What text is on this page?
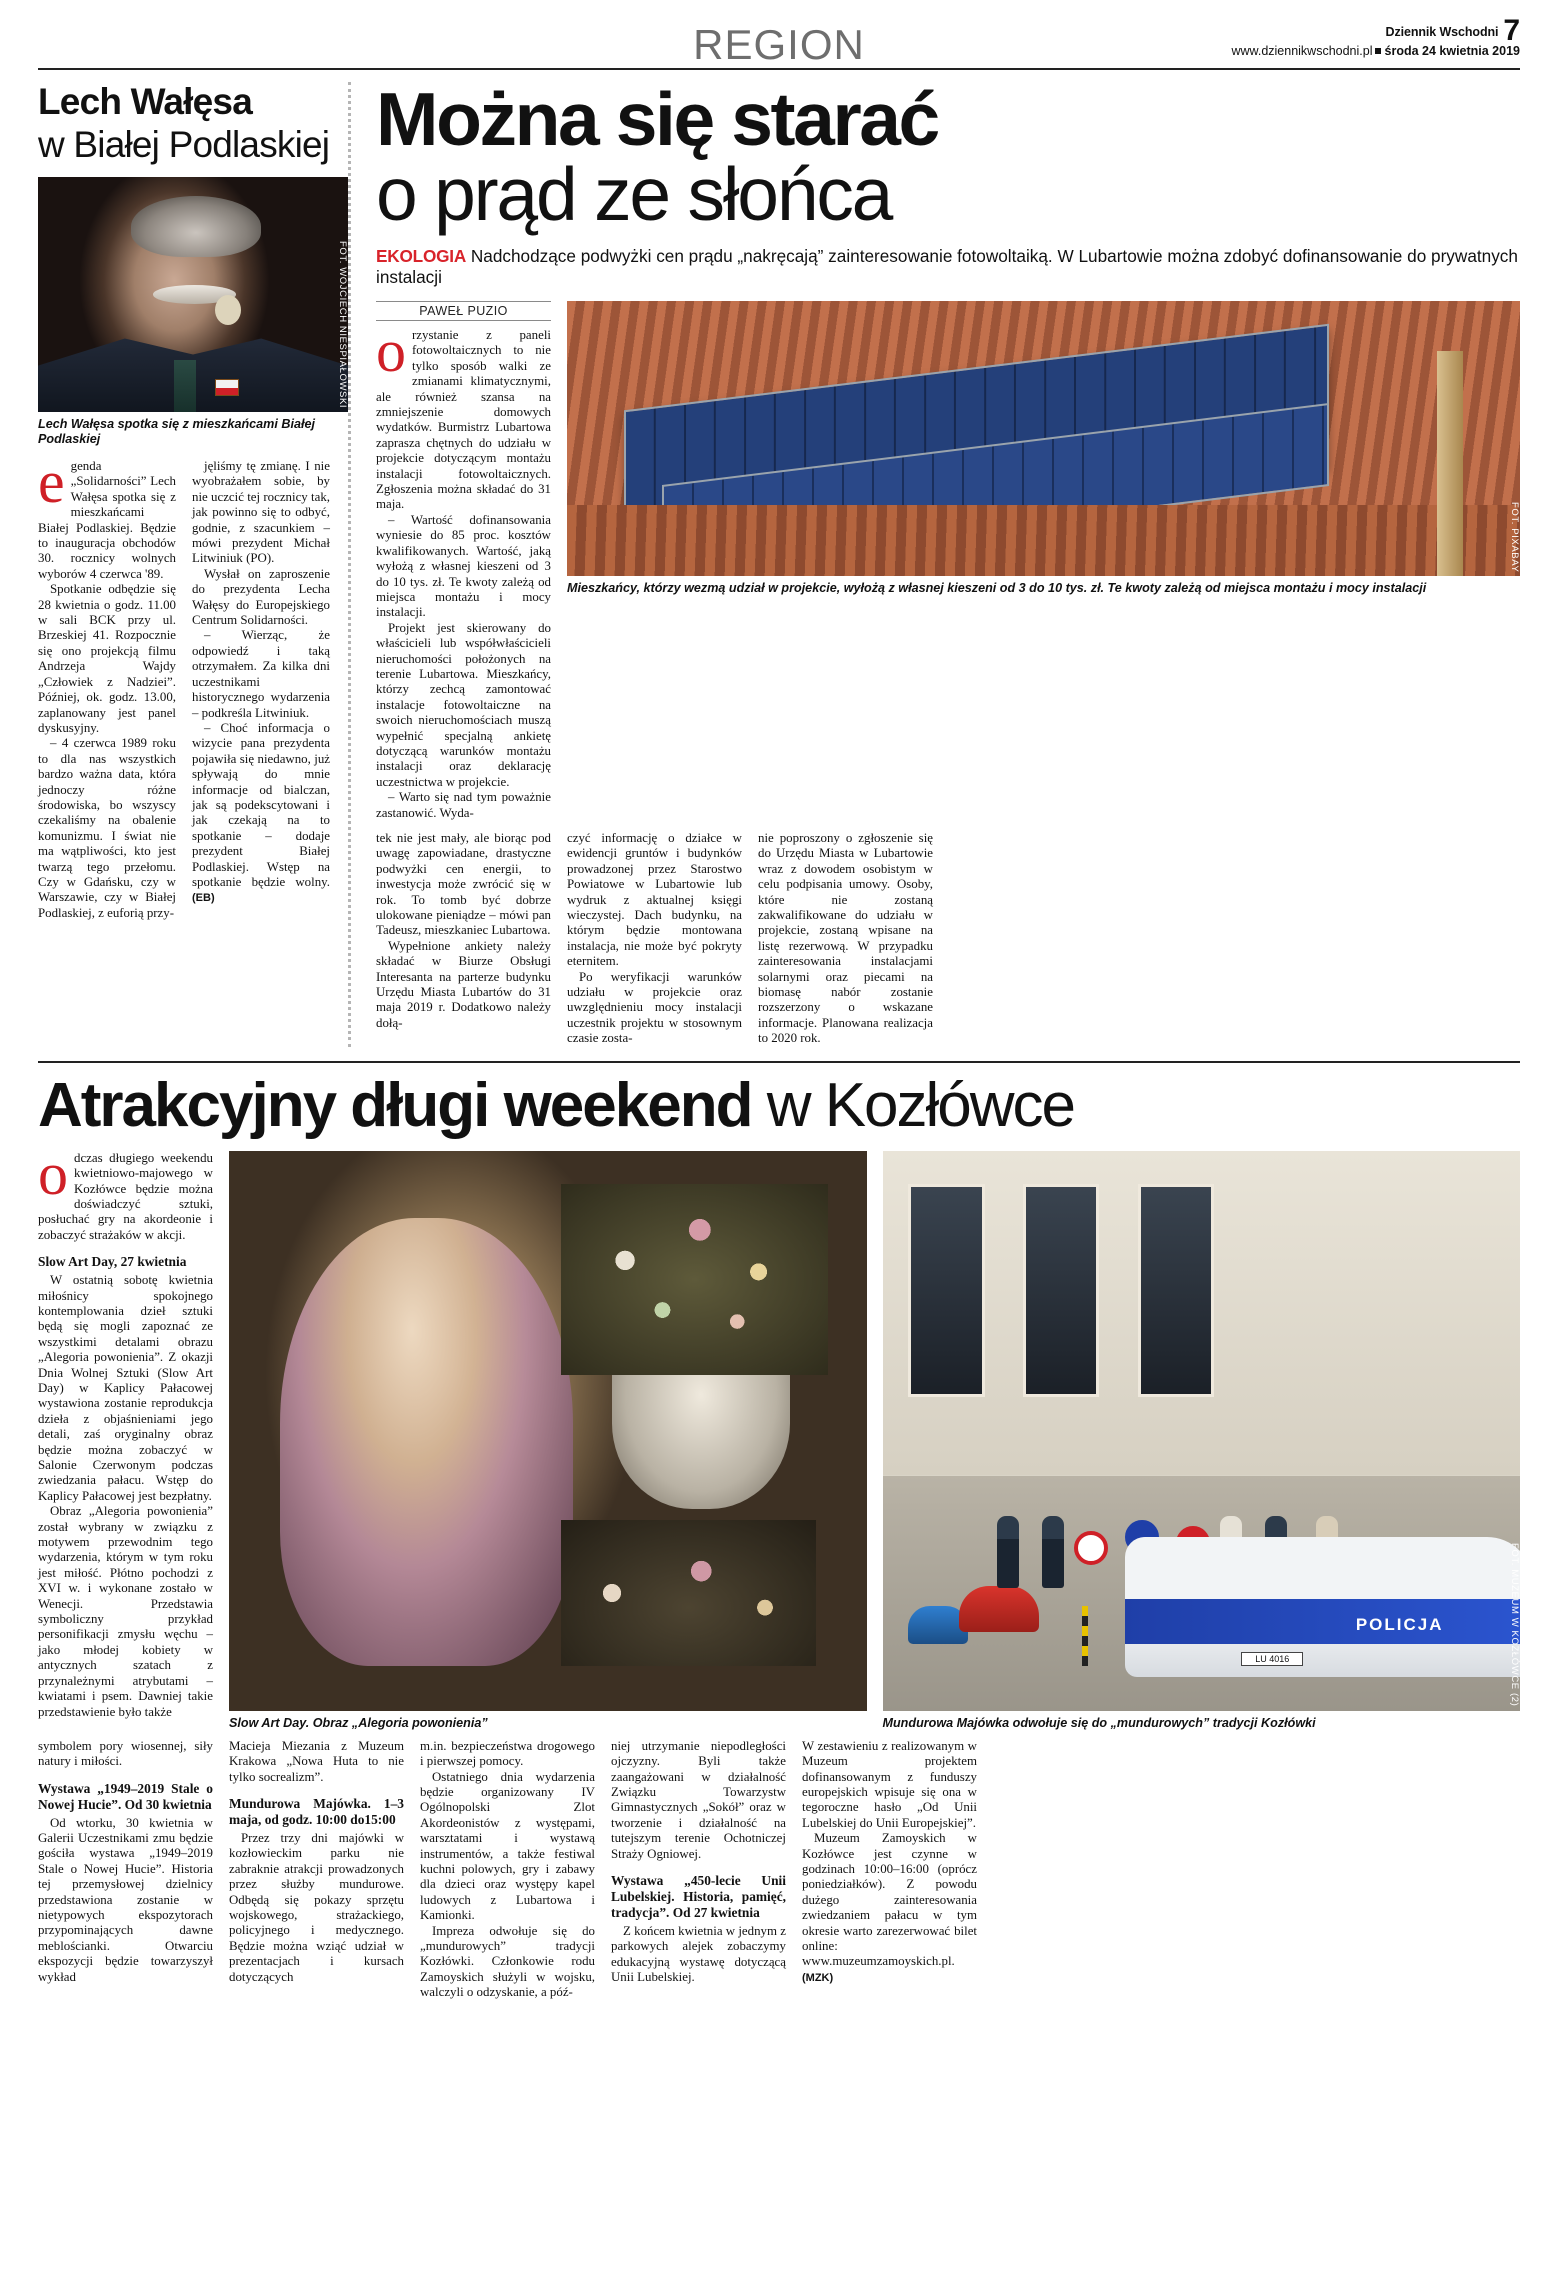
REGION	Dziennik Wschodni 7
www.dziennikwschodni.pl środa 24 kwietnia 2019
Lech Wałęsa
w Białej Podlaskiej
FOT. WOJCIECH NIESPIAŁOWSKI
Lech Wałęsa spotka się z mieszkańcami Białej Podlaskiej

egenda „Solidarności” Lech Wałęsa spotka się z mieszkańcami Białej Podlaskiej. Będzie to inauguracja obchodów 30. rocznicy wolnych wyborów 4 czerwca '89.

Spotkanie odbędzie się 28 kwietnia o godz. 11.00 w sali BCK przy ul. Brzeskiej 41. Rozpocznie się ono projekcją filmu Andrzeja Wajdy „Człowiek z Nadziei”. Później, ok. godz. 13.00, zaplanowany jest panel dyskusyjny.

– 4 czerwca 1989 roku to dla nas wszystkich bardzo ważna data, która jednoczy różne środowiska, bo wszyscy czekaliśmy na obalenie komunizmu. I świat nie ma wątpliwości, kto jest twarzą tego przełomu. Czy w Gdańsku, czy w Warszawie, czy w Białej Podlaskiej, z euforią przy-

jęliśmy tę zmianę. I nie wyobrażałem sobie, by nie uczcić tej rocznicy tak, jak powinno się to odbyć, godnie, z szacunkiem – mówi prezydent Michał Litwiniuk (PO).

Wysłał on zaproszenie do prezydenta Lecha Wałęsy do Europejskiego Centrum Solidarności.

– Wierząc, że odpowiedź i taką otrzymałem. Za kilka dni uczestnikami historycznego wydarzenia – podkreśla Litwiniuk.

– Choć informacja o wizycie pana prezydenta pojawiła się niedawno, już spływają do mnie informacje od bialczan, jak są podekscytowani i jak czekają na to spotkanie – dodaje prezydent Białej Podlaskiej. Wstęp na spotkanie będzie wolny. (EB)

Można się starać
o prąd ze słońca
EKOLOGIA Nadchodzące podwyżki cen prądu „nakręcają” zainteresowanie fotowoltaiką. W Lubartowie można zdobyć dofinansowanie do prywatnych instalacji
PAWEŁ PUZIO

orzystanie z paneli fotowoltaicznych to nie tylko sposób walki ze zmianami klimatycznymi, ale również szansa na zmniejszenie domowych wydatków. Burmistrz Lubartowa zaprasza chętnych do udziału w projekcie dotyczącym montażu instalacji fotowoltaicznych. Zgłoszenia można składać do 31 maja.

– Wartość dofinansowania wyniesie do 85 proc. kosztów kwalifikowanych. Wartość, jaką wyłożą z własnej kieszeni od 3 do 10 tys. zł. Te kwoty zależą od miejsca montażu i mocy instalacji.

Projekt jest skierowany do właścicieli lub współwłaścicieli nieruchomości położonych na terenie Lubartowa. Mieszkańcy, którzy zechcą zamontować instalacje fotowoltaiczne na swoich nieruchomościach muszą wypełnić specjalną ankietę dotyczącą warunków montażu instalacji oraz deklarację uczestnictwa w projekcie.

– Warto się nad tym poważnie zastanowić. Wyda-

FOT. PIXABAY
Mieszkańcy, którzy wezmą udział w projekcie, wyłożą z własnej kieszeni od 3 do 10 tys. zł. Te kwoty zależą od miejsca montażu i mocy instalacji

tek nie jest mały, ale biorąc pod uwagę zapowiadane, drastyczne podwyżki cen energii, to inwestycja może zwrócić się w rok. To tomb być dobrze ulokowane pieniądze – mówi pan Tadeusz, mieszkaniec Lubartowa.

Wypełnione ankiety należy składać w Biurze Obsługi Interesanta na parterze budynku Urzędu Miasta Lubartów do 31 maja 2019 r. Dodatkowo należy dołą-

czyć informację o działce w ewidencji gruntów i budynków prowadzonej przez Starostwo Powiatowe w Lubartowie lub wydruk z aktualnej księgi wieczystej. Dach budynku, na którym będzie montowana instalacja, nie może być pokryty eternitem.

Po weryfikacji warunków udziału w projekcie oraz uwzględnieniu mocy instalacji uczestnik projektu w stosownym czasie zosta-

nie poproszony o zgłoszenie się do Urzędu Miasta w Lubartowie wraz z dowodem osobistym w celu podpisania umowy. Osoby, które nie zostaną zakwalifikowane do udziału w projekcie, zostaną wpisane na listę rezerwową. W przypadku zainteresowania instalacjami solarnymi oraz piecami na biomasę nabór zostanie rozszerzony o wskazane informacje. Planowana realizacja to 2020 rok.

Atrakcyjny długi weekend w Kozłówce

odczas długiego weekendu kwietniowo-majowego w Kozłówce będzie można doświadczyć sztuki, posłuchać gry na akordeonie i zobaczyć strażaków w akcji.

Slow Art Day, 27 kwietnia

W ostatnią sobotę kwietnia miłośnicy spokojnego kontemplowania dzieł sztuki będą się mogli zapoznać ze wszystkimi detalami obrazu „Alegoria powonienia”. Z okazji Dnia Wolnej Sztuki (Slow Art Day) w Kaplicy Pałacowej wystawiona zostanie reprodukcja dzieła z objaśnieniami jego detali, zaś oryginalny obraz będzie można zobaczyć w Salonie Czerwonym podczas zwiedzania pałacu. Wstęp do Kaplicy Pałacowej jest bezpłatny.

Obraz „Alegoria powonienia” został wybrany w związku z motywem przewodnim tego wydarzenia, którym w tym roku jest miłość. Płótno pochodzi z XVI w. i wykonane zostało w Wenecji. Przedstawia symboliczny przykład personifikacji zmysłu węchu – jako młodej kobiety w antycznych szatach z przynależnymi atrybutami – kwiatami i psem. Dawniej takie przedstawienie było także

Slow Art Day. Obraz „Alegoria powonienia”
POLICJA
LU 4016	FOT. MUZEUM W KOZŁÓWCE (2)
Mundurowa Majówka odwołuje się do „mundurowych” tradycji Kozłówki

symbolem pory wiosennej, siły natury i miłości.

Wystawa „1949–2019 Stale o Nowej Hucie”. Od 30 kwietnia

Od wtorku, 30 kwietnia w Galerii Uczestnikami zmu będzie gościła wystawa „1949–2019 Stale o Nowej Hucie”. Historia tej przemysłowej dzielnicy przedstawiona zostanie w nietypowych ekspozytorach przypominających dawne meblościanki. Otwarciu ekspozycji będzie towarzyszył wykład

Macieja Miezania z Muzeum Krakowa „Nowa Huta to nie tylko socrealizm”.

Mundurowa Majówka. 1–3 maja, od godz. 10:00 do15:00

Przez trzy dni majówki w kozłowieckim parku nie zabraknie atrakcji prowadzonych przez służby mundurowe. Odbędą się pokazy sprzętu wojskowego, strażackiego, policyjnego i medycznego. Będzie można wziąć udział w prezentacjach i kursach dotyczących

m.in. bezpieczeństwa drogowego i pierwszej pomocy.

Ostatniego dnia wydarzenia będzie organizowany IV Ogólnopolski Zlot Akordeonistów z występami, warsztatami i wystawą instrumentów, a także festiwal kuchni polowych, gry i zabawy dla dzieci oraz występy kapel ludowych z Lubartowa i Kamionki.

Impreza odwołuje się do „mundurowych” tradycji Kozłówki. Członkowie rodu Zamoyskich służyli w wojsku, walczyli o odzyskanie, a póź-

niej utrzymanie niepodległości ojczyzny. Byli także zaangażowani w działalność Związku Towarzystw Gimnastycznych „Sokół” oraz w tworzenie i działalność na tutejszym terenie Ochotniczej Straży Ogniowej.

Wystawa „450-lecie Unii Lubelskiej. Historia, pamięć, tradycja”. Od 27 kwietnia

Z końcem kwietnia w jednym z parkowych alejek zobaczymy edukacyjną wystawę dotyczącą Unii Lubelskiej.

W zestawieniu z realizowanym w Muzeum projektem dofinansowanym z funduszy europejskich wpisuje się ona w tegoroczne hasło „Od Unii Lubelskiej do Unii Europejskiej”.

Muzeum Zamoyskich w Kozłówce jest czynne w godzinach 10:00–16:00 (oprócz poniedziałków). Z powodu dużego zainteresowania zwiedzaniem pałacu w tym okresie warto zarezerwować bilet online: www.muzeumzamoyskich.pl. (MZK)
